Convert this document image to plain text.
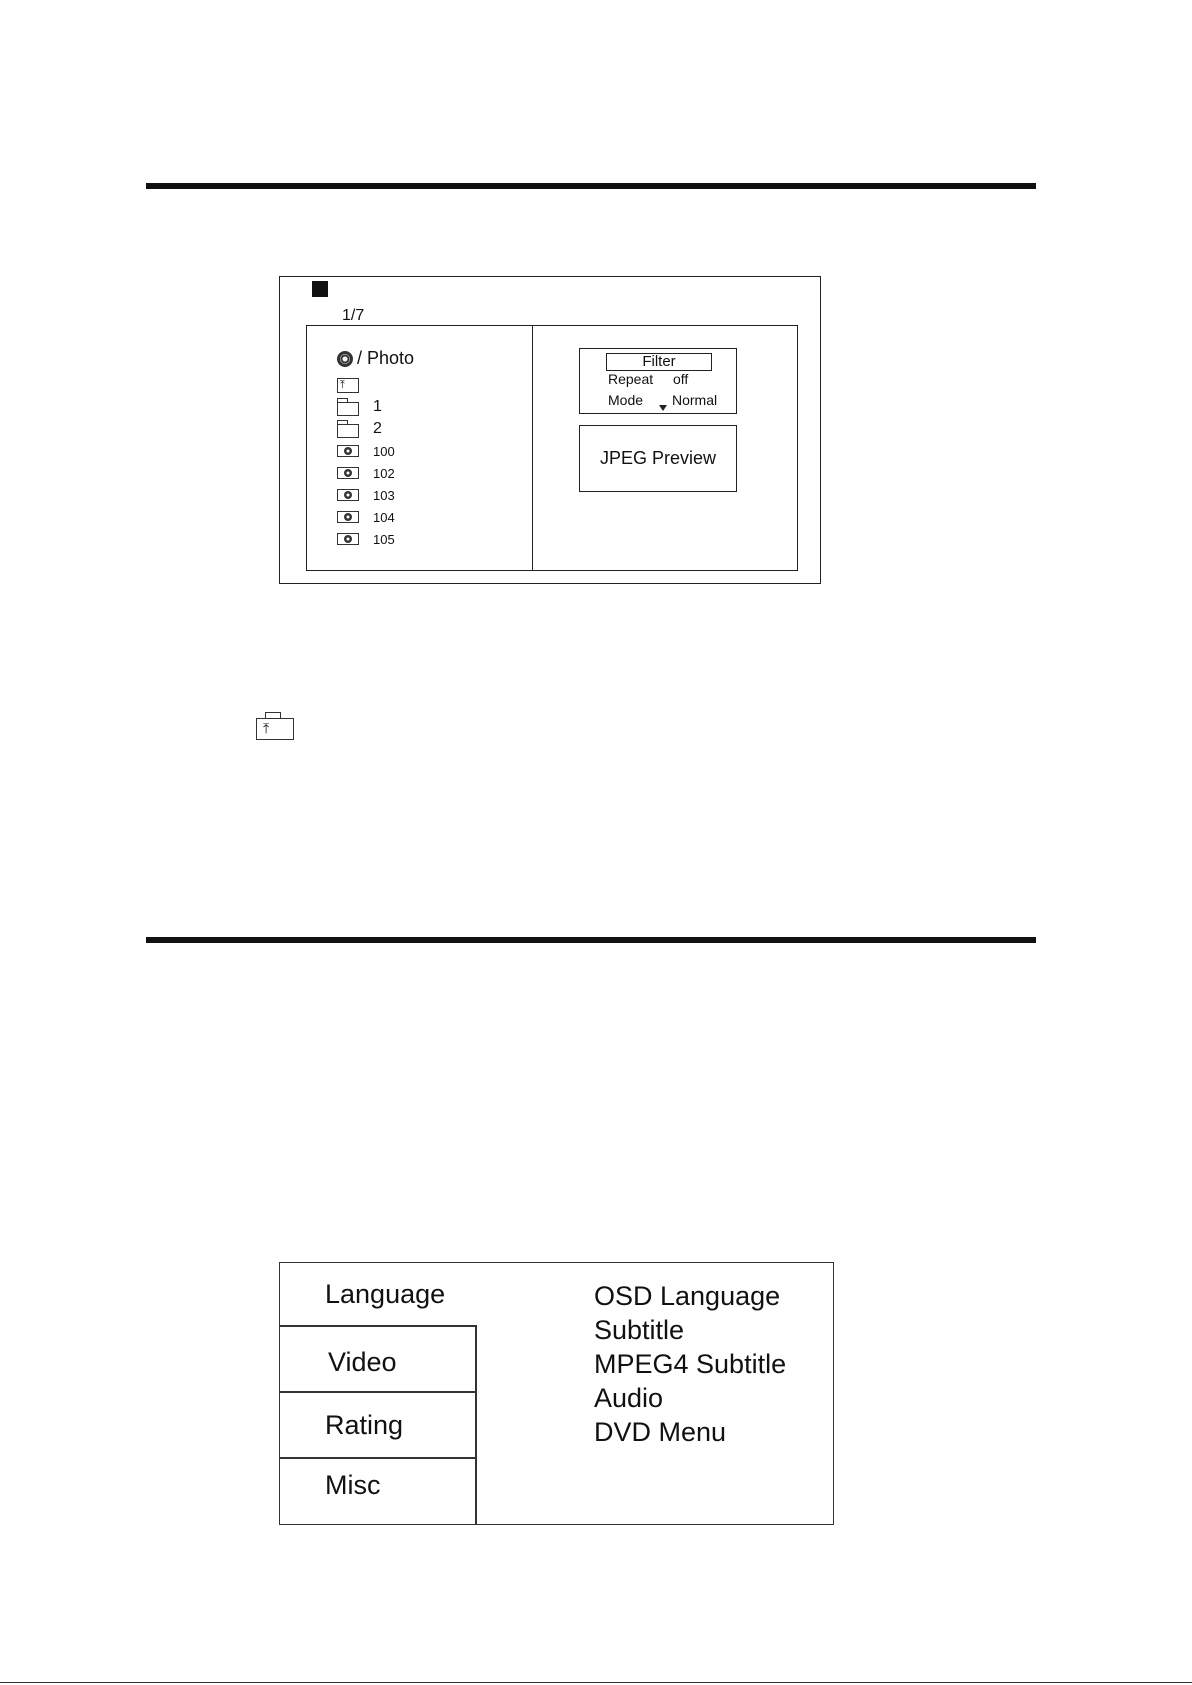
1/7
/ Photo
⤒
1
2
100
102
103
104
105
Filter
Repeat off
Mode Normal
JPEG Preview
⤒
Language
Video
Rating
Misc
OSD Language
Subtitle
MPEG4 Subtitle
Audio
DVD Menu
